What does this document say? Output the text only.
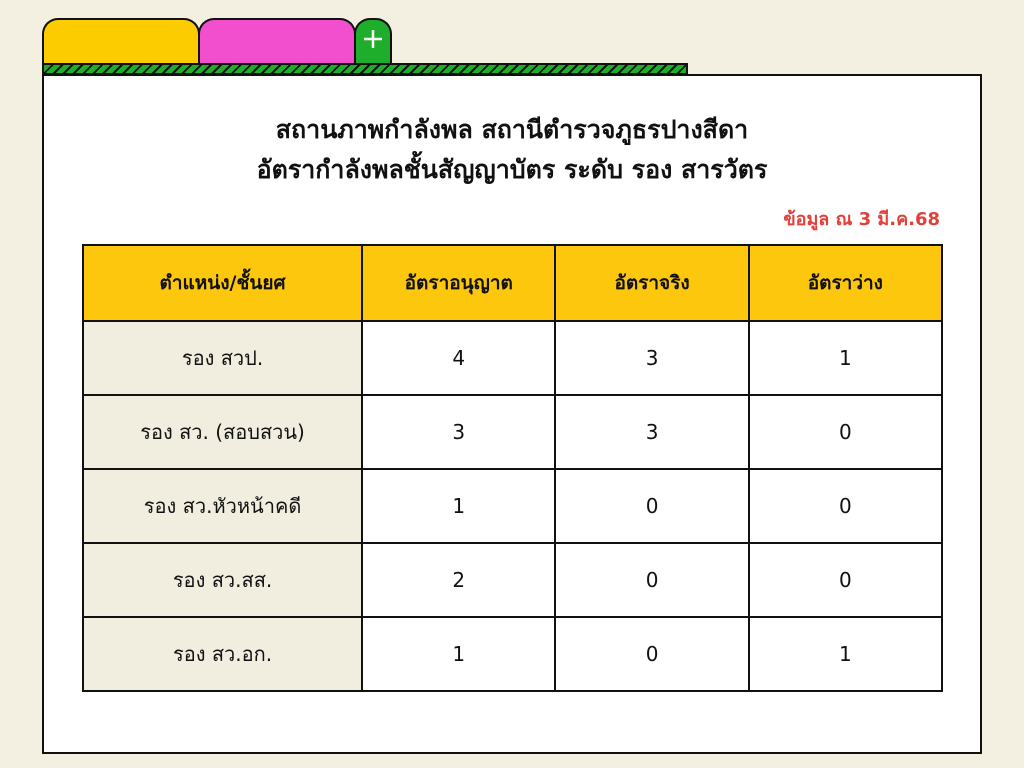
สถานภาพกำลังพล สถานีตำรวจภูธรปางสีดา
อัตรากำลังพลชั้นสัญญาบัตร ระดับ รอง สารวัตร
ข้อมูล ณ 3 มี.ค.68
ตำแหน่ง/ชั้นยศ	อัตราอนุญาต	อัตราจริง	อัตราว่าง
รอง สวป.	4	3	1
รอง สว. (สอบสวน)	3	3	0
รอง สว.หัวหน้าคดี	1	0	0
รอง สว.สส.	2	0	0
รอง สว.อก.	1	0	1
